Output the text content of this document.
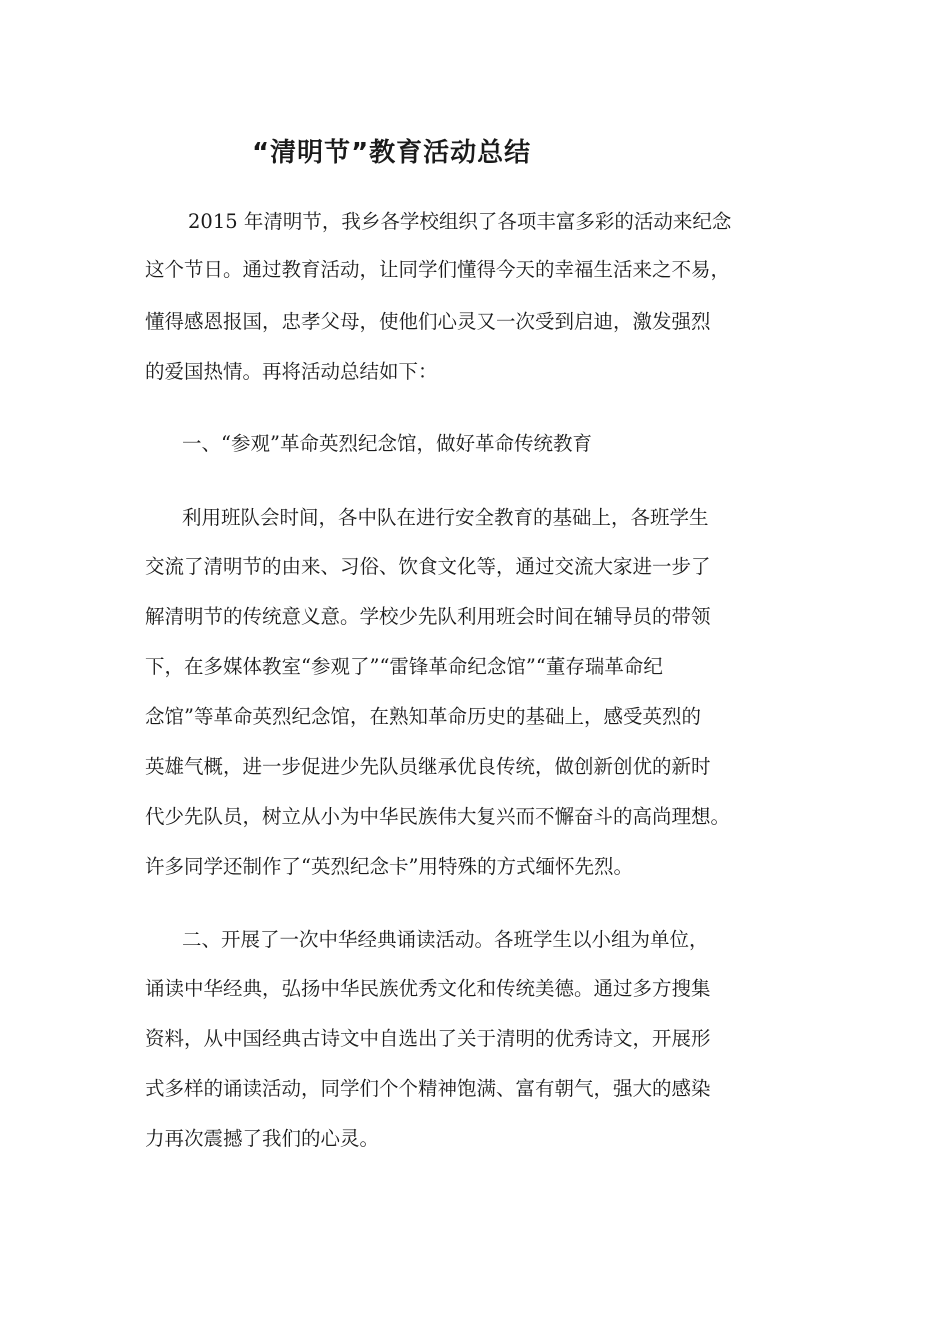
“清明节”教育活动总结

2015 年清明节，我乡各学校组织了各项丰富多彩的活动来纪念

这个节日。通过教育活动，让同学们懂得今天的幸福生活来之不易，

懂得感恩报国，忠孝父母，使他们心灵又一次受到启迪，激发强烈

的爱国热情。再将活动总结如下：

一、“参观”革命英烈纪念馆，做好革命传统教育

利用班队会时间，各中队在进行安全教育的基础上，各班学生

交流了清明节的由来、习俗、饮食文化等，通过交流大家进一步了

解清明节的传统意义意。学校少先队利用班会时间在辅导员的带领

下，在多媒体教室“参观了”“雷锋革命纪念馆”“董存瑞革命纪

念馆”等革命英烈纪念馆，在熟知革命历史的基础上，感受英烈的

英雄气概，进一步促进少先队员继承优良传统，做创新创优的新时

代少先队员，树立从小为中华民族伟大复兴而不懈奋斗的高尚理想。

许多同学还制作了“英烈纪念卡”用特殊的方式缅怀先烈。

二、开展了一次中华经典诵读活动。各班学生以小组为单位，

诵读中华经典，弘扬中华民族优秀文化和传统美德。通过多方搜集

资料，从中国经典古诗文中自选出了关于清明的优秀诗文，开展形

式多样的诵读活动，同学们个个精神饱满、富有朝气，强大的感染

力再次震撼了我们的心灵。
